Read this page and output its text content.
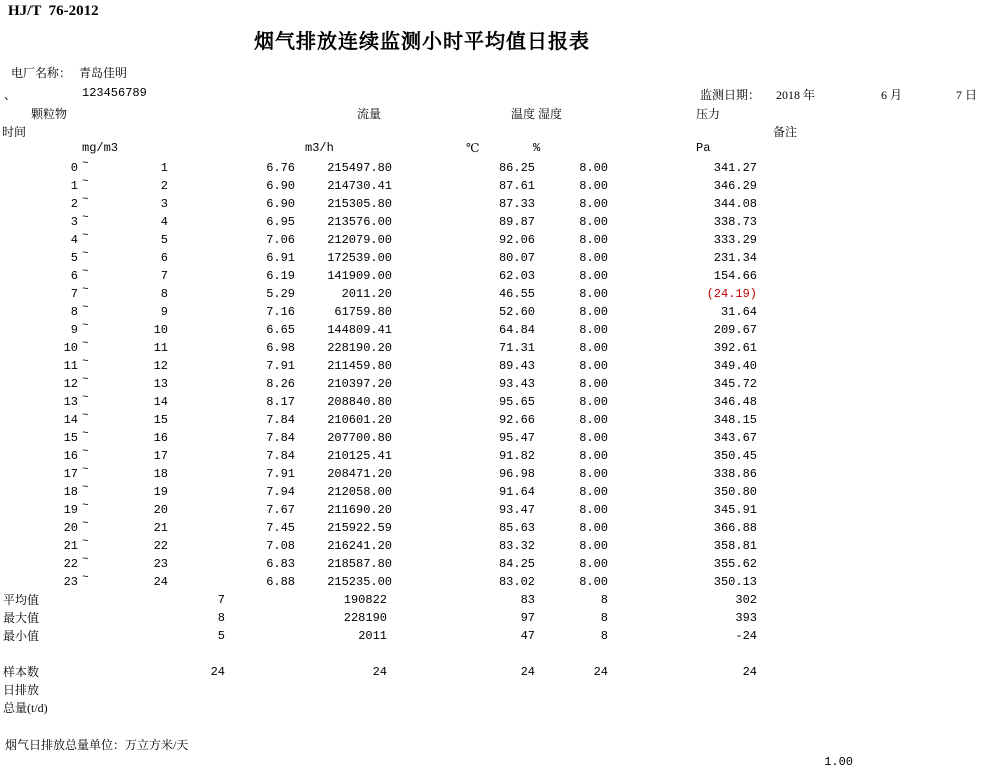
HJ/T  76-2012
烟气排放连续监测小时平均值日报表

电厂名称： 青岛佳明

、	123456789	监测日期： 2018 年	6 月	7 日
颗粒物	流量	温度 湿度	压力
时间	备注
mg/m3	m3/h	℃	%	Pa
0 ~	1	6.76	215497.80	86.25	8.00	341.27
1 ~	2	6.90	214730.41	87.61	8.00	346.29
2 ~	3	6.90	215305.80	87.33	8.00	344.08
3 ~	4	6.95	213576.00	89.87	8.00	338.73
4 ~	5	7.06	212079.00	92.06	8.00	333.29
5 ~	6	6.91	172539.00	80.07	8.00	231.34
6 ~	7	6.19	141909.00	62.03	8.00	154.66
7 ~	8	5.29	2011.20	46.55	8.00	(24.19)
8 ~	9	7.16	61759.80	52.60	8.00	31.64
9 ~	10	6.65	144809.41	64.84	8.00	209.67
10 ~	11	6.98	228190.20	71.31	8.00	392.61
11 ~	12	7.91	211459.80	89.43	8.00	349.40
12 ~	13	8.26	210397.20	93.43	8.00	345.72
13 ~	14	8.17	208840.80	95.65	8.00	346.48
14 ~	15	7.84	210601.20	92.66	8.00	348.15
15 ~	16	7.84	207700.80	95.47	8.00	343.67
16 ~	17	7.84	210125.41	91.82	8.00	350.45
17 ~	18	7.91	208471.20	96.98	8.00	338.86
18 ~	19	7.94	212058.00	91.64	8.00	350.80
19 ~	20	7.67	211690.20	93.47	8.00	345.91
20 ~	21	7.45	215922.59	85.63	8.00	366.88
21 ~	22	7.08	216241.20	83.32	8.00	358.81
22 ~	23	6.83	218587.80	84.25	8.00	355.62
23 ~	24	6.88	215235.00	83.02	8.00	350.13
平均值	7	190822	83	8	302
最大值	8	228190	97	8	393
最小值	5	2011	47	8	-24
样本数	24	24	24	24	24
日排放
总量(t/d)
烟气日排放总量单位：万立方米/天
1.00
